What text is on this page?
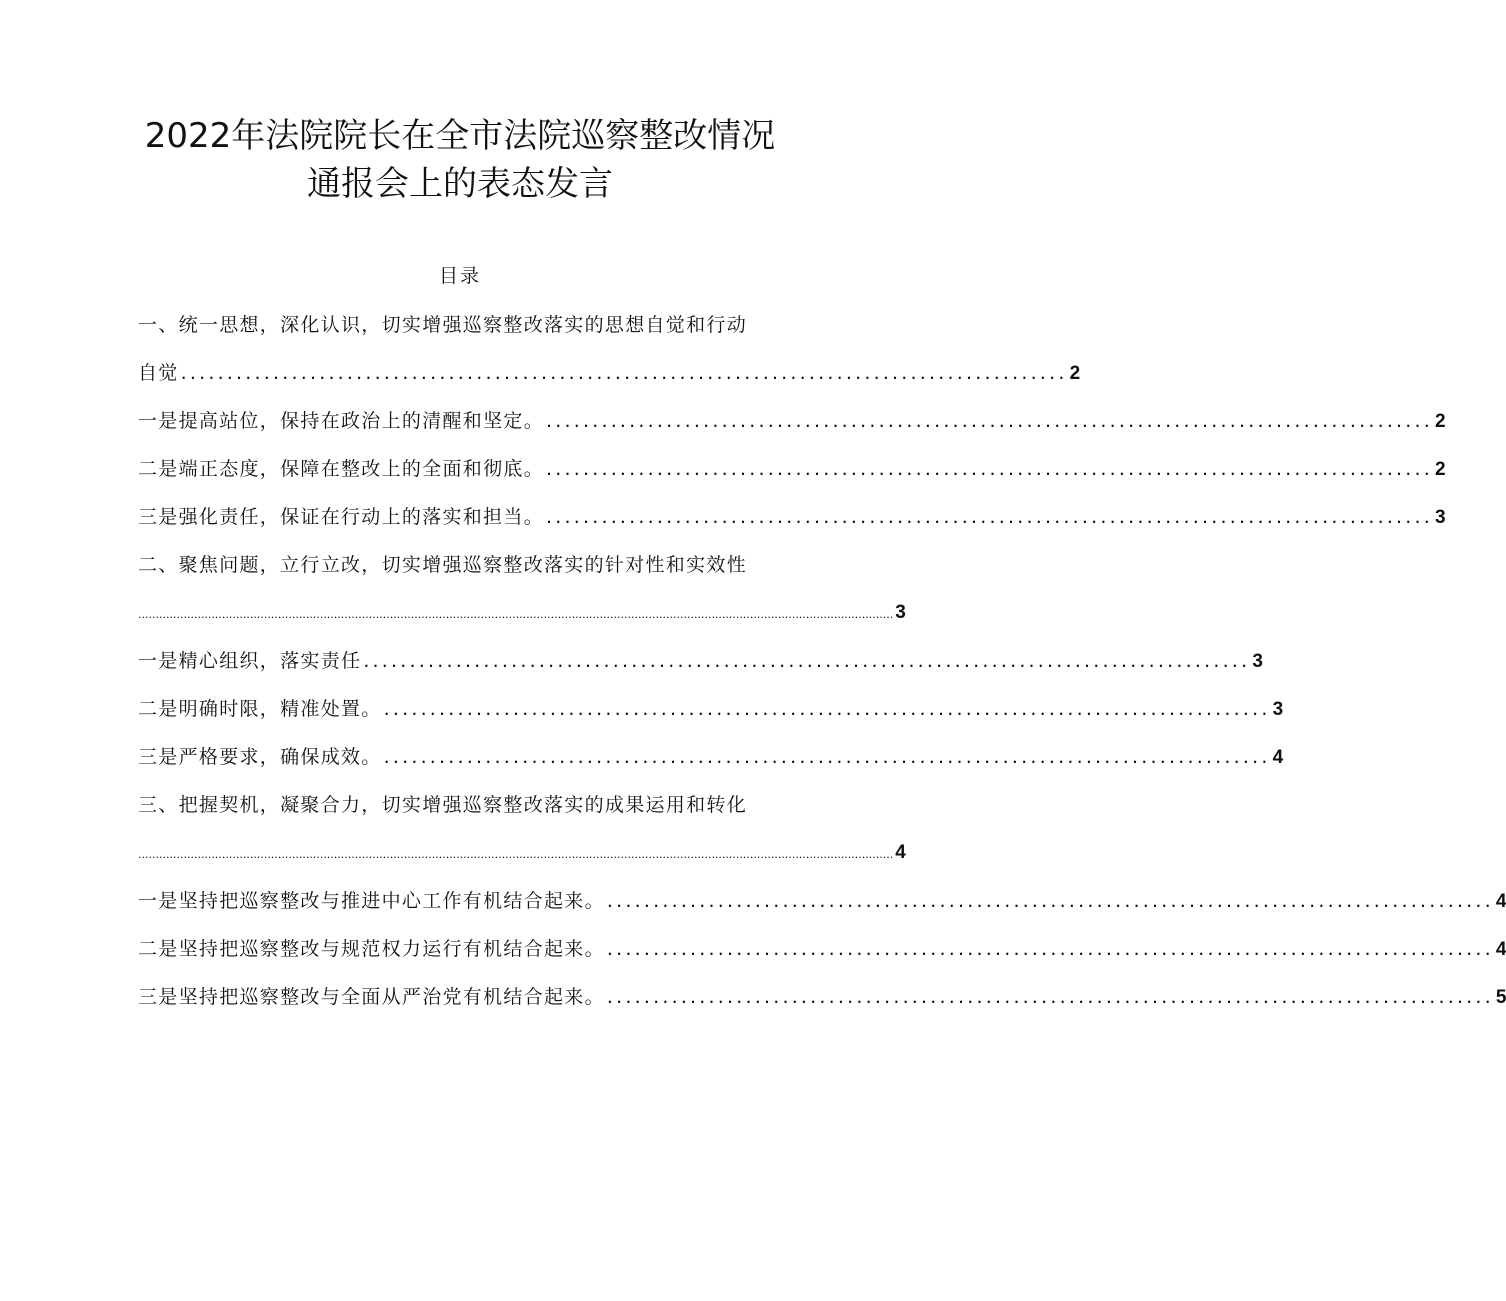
2022年法院院长在全市法院巡察整改情况
通报会上的表态发言
目录
一、统一思想，深化认识，切实增强巡察整改落实的思想自觉和行动
自觉 ................................................................................................ 2
一是提高站位，保持在政治上的清醒和坚定。 ................................................................................................ 2
二是端正态度，保障在整改上的全面和彻底。 ................................................................................................ 2
三是强化责任，保证在行动上的落实和担当。 ................................................................................................ 3
二、聚焦问题，立行立改，切实增强巡察整改落实的针对性和实效性
........................................................................................................................................................................................................................ 3
一是精心组织，落实责任 ................................................................................................ 3
二是明确时限，精准处置。 ................................................................................................ 3
三是严格要求，确保成效。 ................................................................................................ 4
三、把握契机，凝聚合力，切实增强巡察整改落实的成果运用和转化
........................................................................................................................................................................................................................ 4
一是坚持把巡察整改与推进中心工作有机结合起来。 ................................................................................................ 4
二是坚持把巡察整改与规范权力运行有机结合起来。 ................................................................................................ 4
三是坚持把巡察整改与全面从严治党有机结合起来。 ................................................................................................ 5
